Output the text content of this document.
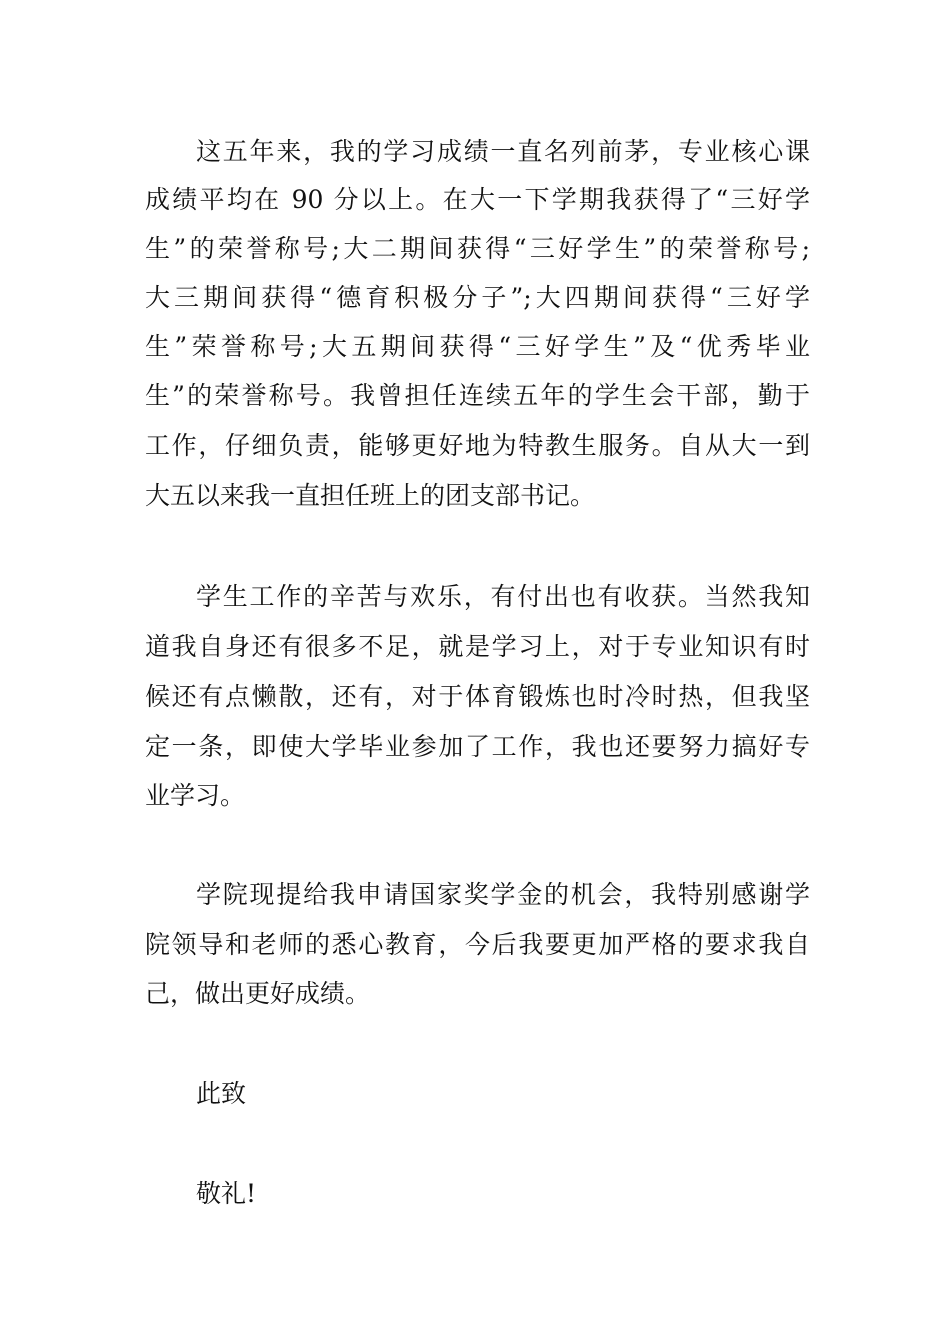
这五年来，我的学习成绩一直名列前茅，专业核心课
成绩平均在 90 分以上。在大一下学期我获得了“三好学
生”的荣誉称号;大二期间获得“三好学生”的荣誉称号;
大三期间获得“德育积极分子”;大四期间获得“三好学
生”荣誉称号;大五期间获得“三好学生”及“优秀毕业
生”的荣誉称号。我曾担任连续五年的学生会干部，勤于
工作，仔细负责，能够更好地为特教生服务。自从大一到
大五以来我一直担任班上的团支部书记。
学生工作的辛苦与欢乐，有付出也有收获。当然我知
道我自身还有很多不足，就是学习上，对于专业知识有时
候还有点懒散，还有，对于体育锻炼也时冷时热，但我坚
定一条，即使大学毕业参加了工作，我也还要努力搞好专
业学习。
学院现提给我申请国家奖学金的机会，我特别感谢学
院领导和老师的悉心教育，今后我要更加严格的要求我自
己，做出更好成绩。
此致
敬礼!
